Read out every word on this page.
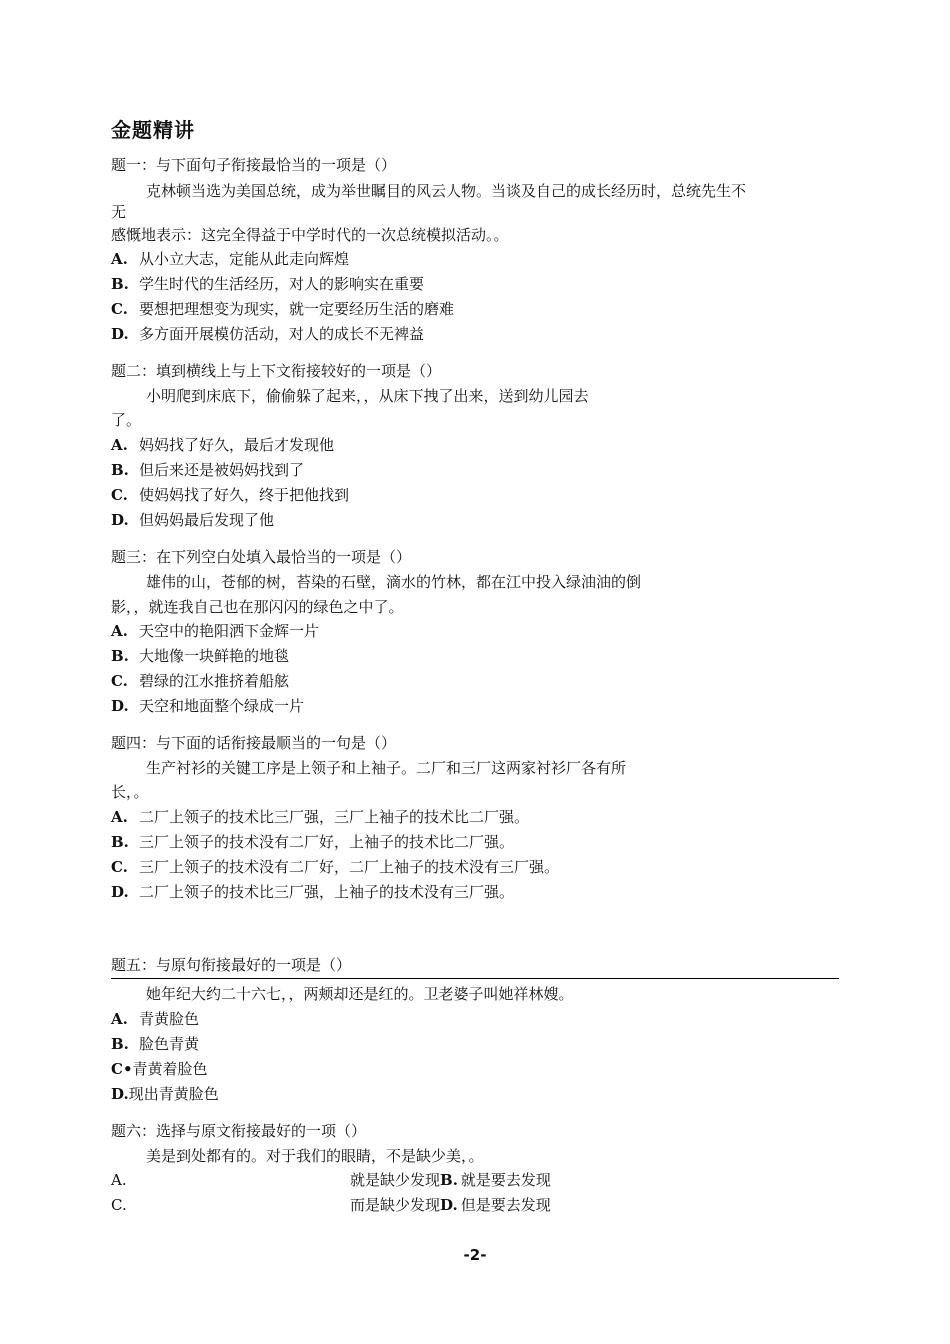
金题精讲
题一：与下面句子衔接最恰当的一项是（）
克林顿当选为美国总统，成为举世瞩目的风云人物。当谈及自己的成长经历时，总统先生不
无
感慨地表示：这完全得益于中学时代的一次总统模拟活动。。
A. 从小立大志，定能从此走向辉煌
B. 学生时代的生活经历，对人的影响实在重要
C. 要想把理想变为现实，就一定要经历生活的磨难
D. 多方面开展模仿活动，对人的成长不无裨益
题二：填到横线上与上下文衔接较好的一项是（）
小明爬到床底下，偷偷躲了起来，，从床下拽了出来，送到幼儿园去
了。
A. 妈妈找了好久，最后才发现他
B. 但后来还是被妈妈找到了
C. 使妈妈找了好久，终于把他找到
D. 但妈妈最后发现了他
题三：在下列空白处填入最恰当的一项是（）
雄伟的山，苍郁的树，苔染的石壁，滴水的竹林，都在江中投入绿油油的倒
影，，就连我自己也在那闪闪的绿色之中了。
A. 天空中的艳阳洒下金辉一片
B. 大地像一块鲜艳的地毯
C. 碧绿的江水推挤着船舷
D. 天空和地面整个绿成一片
题四：与下面的话衔接最顺当的一句是（）
生产衬衫的关键工序是上领子和上袖子。二厂和三厂这两家衬衫厂各有所
长，。
A. 二厂上领子的技术比三厂强，三厂上袖子的技术比二厂强。
B. 三厂上领子的技术没有二厂好，上袖子的技术比二厂强。
C. 三厂上领子的技术没有二厂好，二厂上袖子的技术没有三厂强。
D. 二厂上领子的技术比三厂强，上袖子的技术没有三厂强。
题五：与原句衔接最好的一项是（）
她年纪大约二十六七，，两颊却还是红的。卫老婆子叫她祥林嫂。
A. 青黄脸色
B. 脸色青黄
C•青黄着脸色
D.现出青黄脸色
题六：选择与原文衔接最好的一项（）
美是到处都有的。对于我们的眼睛，不是缺少美，。
A.	就是缺少发现B. 就是要去发现
C.	而是缺少发现D. 但是要去发现
-2-
